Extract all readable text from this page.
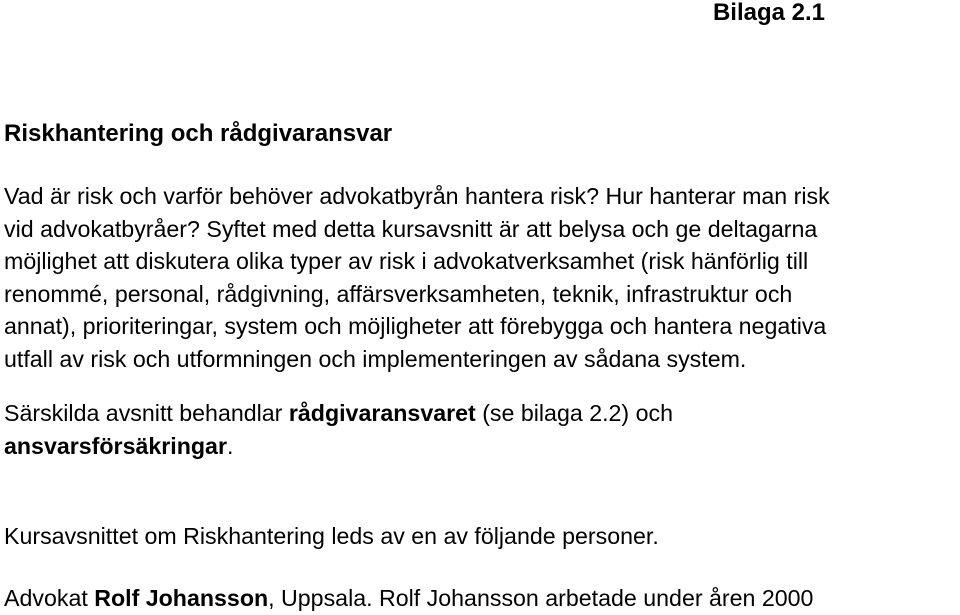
Bilaga 2.1

Riskhantering och rådgivaransvar

Vad är risk och varför behöver advokatbyrån hantera risk? Hur hanterar man risk
vid advokatbyråer? Syftet med detta kursavsnitt är att belysa och ge deltagarna
möjlighet att diskutera olika typer av risk i advokatverksamhet (risk hänförlig till
renommé, personal, rådgivning, affärsverksamheten, teknik, infrastruktur och
annat), prioriteringar, system och möjligheter att förebygga och hantera negativa
utfall av risk och utformningen och implementeringen av sådana system.

Särskilda avsnitt behandlar rådgivaransvaret (se bilaga 2.2) och
ansvarsförsäkringar.

Kursavsnittet om Riskhantering leds av en av följande personer.

Advokat Rolf Johansson, Uppsala. Rolf Johansson arbetade under åren 2000
